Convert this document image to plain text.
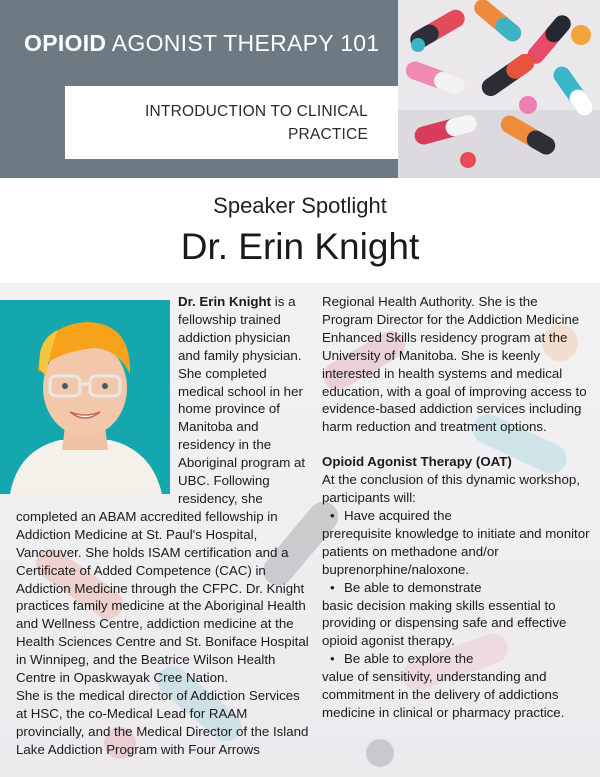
OPIOID AGONIST THERAPY 101
INTRODUCTION TO CLINICAL
PRACTICE
Speaker Spotlight
Dr. Erin Knight
Dr. Erin Knight is a fellowship trained addiction physician and family physician. She completed medical school in her home province of Manitoba and residency in the Aboriginal program at UBC. Following residency, she completed an ABAM accredited fellowship in Addiction Medicine at St. Paul's Hospital, Vancouver. She holds ISAM certification and a Certificate of Added Competence (CAC) in Addiction Medicine through the CFPC. Dr. Knight practices family medicine at the Aboriginal Health and Wellness Centre, addiction medicine at the Health Sciences Centre and St. Boniface Hospital in Winnipeg, and the Beatrice Wilson Health Centre in Opaskwayak Cree Nation.
She is the medical director of Addiction Services at HSC, the co-Medical Lead for RAAM provincially, and the Medical Director of the Island Lake Addiction Program with Four Arrows

Regional Health Authority. She is the Program Director for the Addiction Medicine Enhanced Skills residency program at the University of Manitoba. She is keenly interested in health systems and medical education, with a goal of improving access to evidence-based addiction services including harm reduction and treatment options.

Opioid Agonist Therapy (OAT)

At the conclusion of this dynamic workshop, participants will:

• Have acquired the

prerequisite knowledge to initiate and monitor patients on methadone and/or buprenorphine/naloxone.

• Be able to demonstrate

basic decision making skills essential to providing or dispensing safe and effective opioid agonist therapy.

• Be able to explore the

value of sensitivity, understanding and commitment in the delivery of addictions medicine in clinical or pharmacy practice.
